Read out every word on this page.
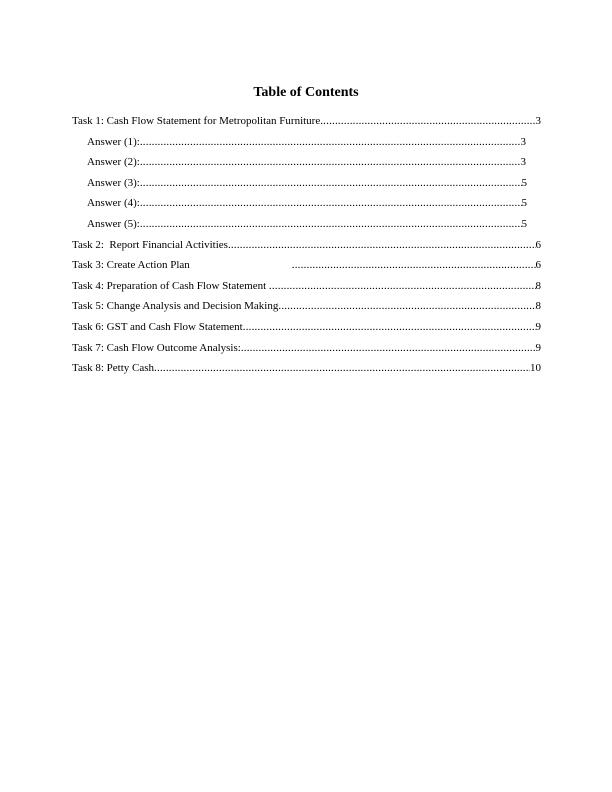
Table of Contents
Task 1: Cash Flow Statement for Metropolitan Furniture .....	3
Answer (1): .....	3
Answer (2): .....	3
Answer (3): .....	5
Answer (4): .....	5
Answer (5): .....	5
Task 2:  Report Financial Activities .....	6
Task 3: Create Action Plan .....	6
Task 4: Preparation of Cash Flow Statement .....	8
Task 5: Change Analysis and Decision Making .....	8
Task 6: GST and Cash Flow Statement .....	9
Task 7: Cash Flow Outcome Analysis: .....	9
Task 8: Petty Cash .....	10
